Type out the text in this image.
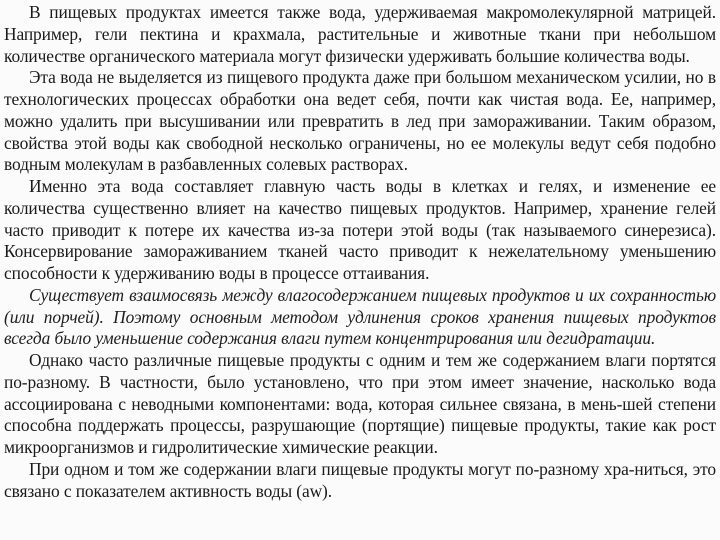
В пищевых продуктах имеется также вода, удерживаемая макромолекулярной матрицей. Например, гели пектина и крахмала, растительные и животные ткани при небольшом количестве органического материала могут физически удерживать большие количества воды.

Эта вода не выделяется из пищевого продукта даже при большом механическом усилии, но в технологических процессах обработки она ведет себя, почти как чистая вода. Ее, например, можно удалить при высушивании или превратить в лед при замораживании. Таким образом, свойства этой воды как свободной несколько ограничены, но ее молекулы ведут себя подобно водным молекулам в разбавленных солевых растворах.

Именно эта вода составляет главную часть воды в клетках и гелях, и изменение ее количества существенно влияет на качество пищевых продуктов. Например, хранение гелей часто приводит к потере их качества из-за потери этой воды (так называемого синерезиса). Консервирование замораживанием тканей часто приводит к нежелательному уменьшению способности к удерживанию воды в процессе оттаивания.

Существует взаимосвязь между влагосодержанием пищевых продуктов и их сохранностью (или порчей). Поэтому основным методом удлинения сроков хранения пищевых продуктов всегда было уменьшение содержания влаги путем концентрирования или дегидратации.

Однако часто различные пищевые продукты с одним и тем же содержанием влаги портятся по-разному. В частности, было установлено, что при этом имеет значение, насколько вода ассоциирована с неводными компонентами: вода, которая сильнее связана, в мень-шей степени способна поддержать процессы, разрушающие (портящие) пищевые продукты, такие как рост микроорганизмов и гидролитические химические реакции.

При одном и том же содержании влаги пищевые продукты могут по-разному хра-ниться, это связано с показателем активность воды (aw).
